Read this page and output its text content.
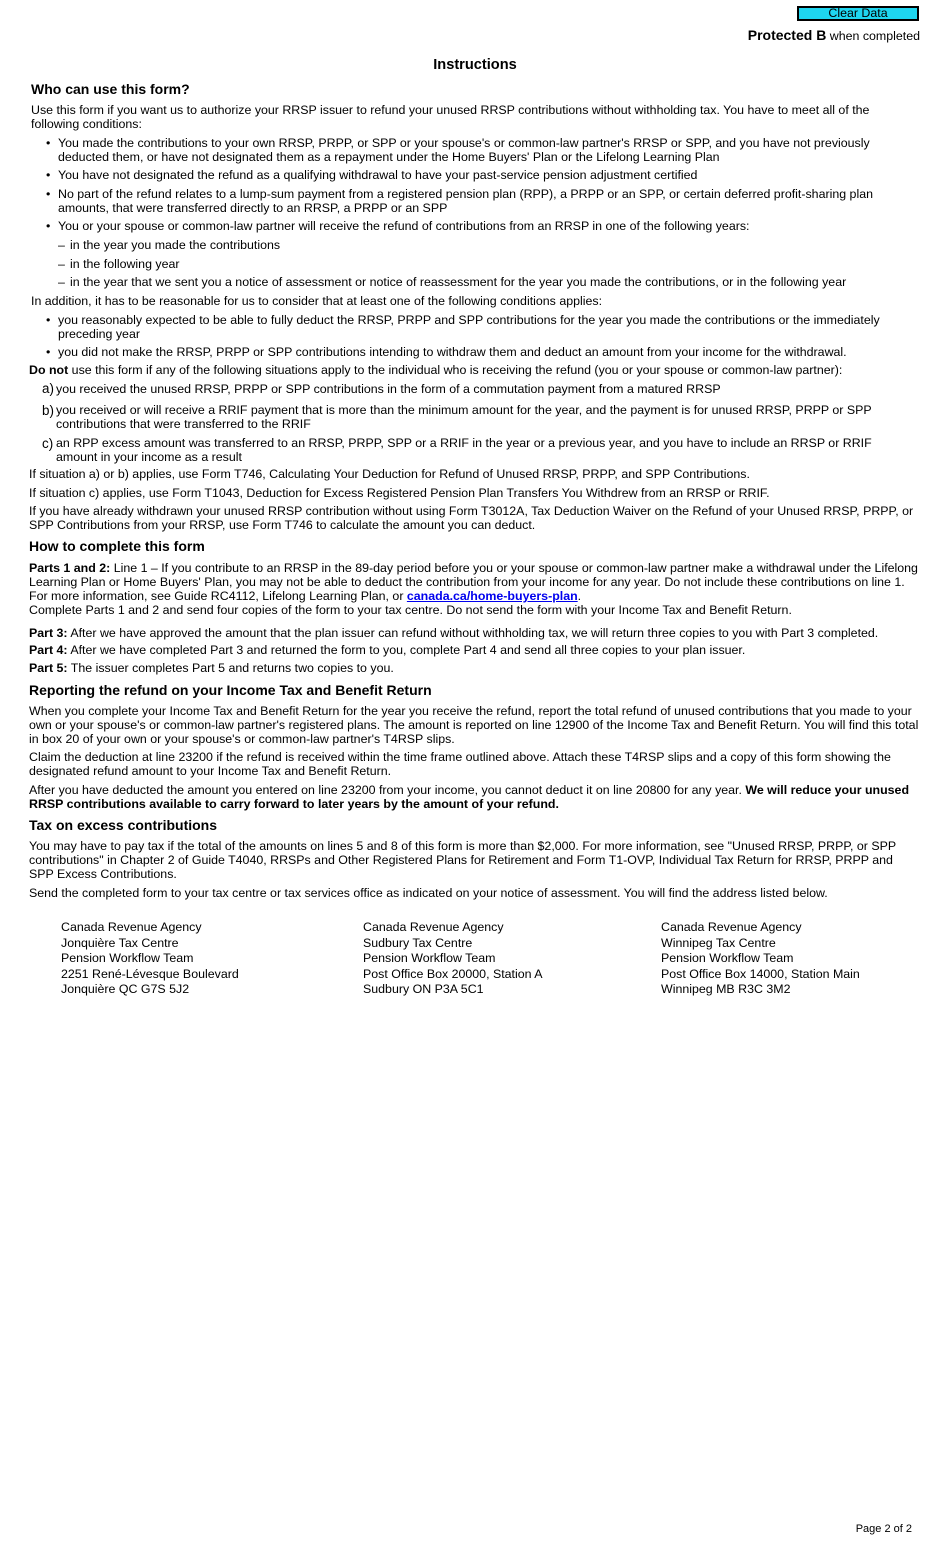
Clear Data
Protected B when completed
Instructions
Who can use this form?

Use this form if you want us to authorize your RRSP issuer to refund your unused RRSP contributions without withholding tax. You have to meet all of the following conditions:

• You made the contributions to your own RRSP, PRPP, or SPP or your spouse's or common-law partner's RRSP or SPP, and you have not previously deducted them, or have not designated them as a repayment under the Home Buyers' Plan or the Lifelong Learning Plan

• You have not designated the refund as a qualifying withdrawal to have your past-service pension adjustment certified

• No part of the refund relates to a lump-sum payment from a registered pension plan (RPP), a PRPP or an SPP, or certain deferred profit-sharing plan amounts, that were transferred directly to an RRSP, a PRPP or an SPP

• You or your spouse or common-law partner will receive the refund of contributions from an RRSP in one of the following years:

– in the year you made the contributions

– in the following year

– in the year that we sent you a notice of assessment or notice of reassessment for the year you made the contributions, or in the following year

In addition, it has to be reasonable for us to consider that at least one of the following conditions applies:

• you reasonably expected to be able to fully deduct the RRSP, PRPP and SPP contributions for the year you made the contributions or the immediately preceding year

• you did not make the RRSP, PRPP or SPP contributions intending to withdraw them and deduct an amount from your income for the withdrawal.

Do not use this form if any of the following situations apply to the individual who is receiving the refund (you or your spouse or common-law partner):

a) you received the unused RRSP, PRPP or SPP contributions in the form of a commutation payment from a matured RRSP

b) you received or will receive a RRIF payment that is more than the minimum amount for the year, and the payment is for unused RRSP, PRPP or SPP contributions that were transferred to the RRIF

c) an RPP excess amount was transferred to an RRSP, PRPP, SPP or a RRIF in the year or a previous year, and you have to include an RRSP or RRIF amount in your income as a result

If situation a) or b) applies, use Form T746, Calculating Your Deduction for Refund of Unused RRSP, PRPP, and SPP Contributions.

If situation c) applies, use Form T1043, Deduction for Excess Registered Pension Plan Transfers You Withdrew from an RRSP or RRIF.

If you have already withdrawn your unused RRSP contribution without using Form T3012A, Tax Deduction Waiver on the Refund of your Unused RRSP, PRPP, or SPP Contributions from your RRSP, use Form T746 to calculate the amount you can deduct.

How to complete this form

Parts 1 and 2: Line 1 – If you contribute to an RRSP in the 89-day period before you or your spouse or common-law partner make a withdrawal under the Lifelong Learning Plan or Home Buyers' Plan, you may not be able to deduct the contribution from your income for any year. Do not include these contributions on line 1. For more information, see Guide RC4112, Lifelong Learning Plan, or canada.ca/home-buyers-plan.

Complete Parts 1 and 2 and send four copies of the form to your tax centre. Do not send the form with your Income Tax and Benefit Return.

Part 3: After we have approved the amount that the plan issuer can refund without withholding tax, we will return three copies to you with Part 3 completed.

Part 4: After we have completed Part 3 and returned the form to you, complete Part 4 and send all three copies to your plan issuer.

Part 5: The issuer completes Part 5 and returns two copies to you.

Reporting the refund on your Income Tax and Benefit Return

When you complete your Income Tax and Benefit Return for the year you receive the refund, report the total refund of unused contributions that you made to your own or your spouse's or common-law partner's registered plans. The amount is reported on line 12900 of the Income Tax and Benefit Return. You will find this total in box 20 of your own or your spouse's or common-law partner's T4RSP slips.

Claim the deduction at line 23200 if the refund is received within the time frame outlined above. Attach these T4RSP slips and a copy of this form showing the designated refund amount to your Income Tax and Benefit Return.

After you have deducted the amount you entered on line 23200 from your income, you cannot deduct it on line 20800 for any year. We will reduce your unused RRSP contributions available to carry forward to later years by the amount of your refund.

Tax on excess contributions

You may have to pay tax if the total of the amounts on lines 5 and 8 of this form is more than $2,000. For more information, see "Unused RRSP, PRPP, or SPP contributions" in Chapter 2 of Guide T4040, RRSPs and Other Registered Plans for Retirement and Form T1-OVP, Individual Tax Return for RRSP, PRPP and SPP Excess Contributions.

Send the completed form to your tax centre or tax services office as indicated on your notice of assessment. You will find the address listed below.

Canada Revenue Agency
Jonquière Tax Centre
Pension Workflow Team
2251 René-Lévesque Boulevard
Jonquière QC G7S 5J2
Canada Revenue Agency
Sudbury Tax Centre
Pension Workflow Team
Post Office Box 20000, Station A
Sudbury ON P3A 5C1
Canada Revenue Agency
Winnipeg Tax Centre
Pension Workflow Team
Post Office Box 14000, Station Main
Winnipeg MB R3C 3M2
Page 2 of 2
